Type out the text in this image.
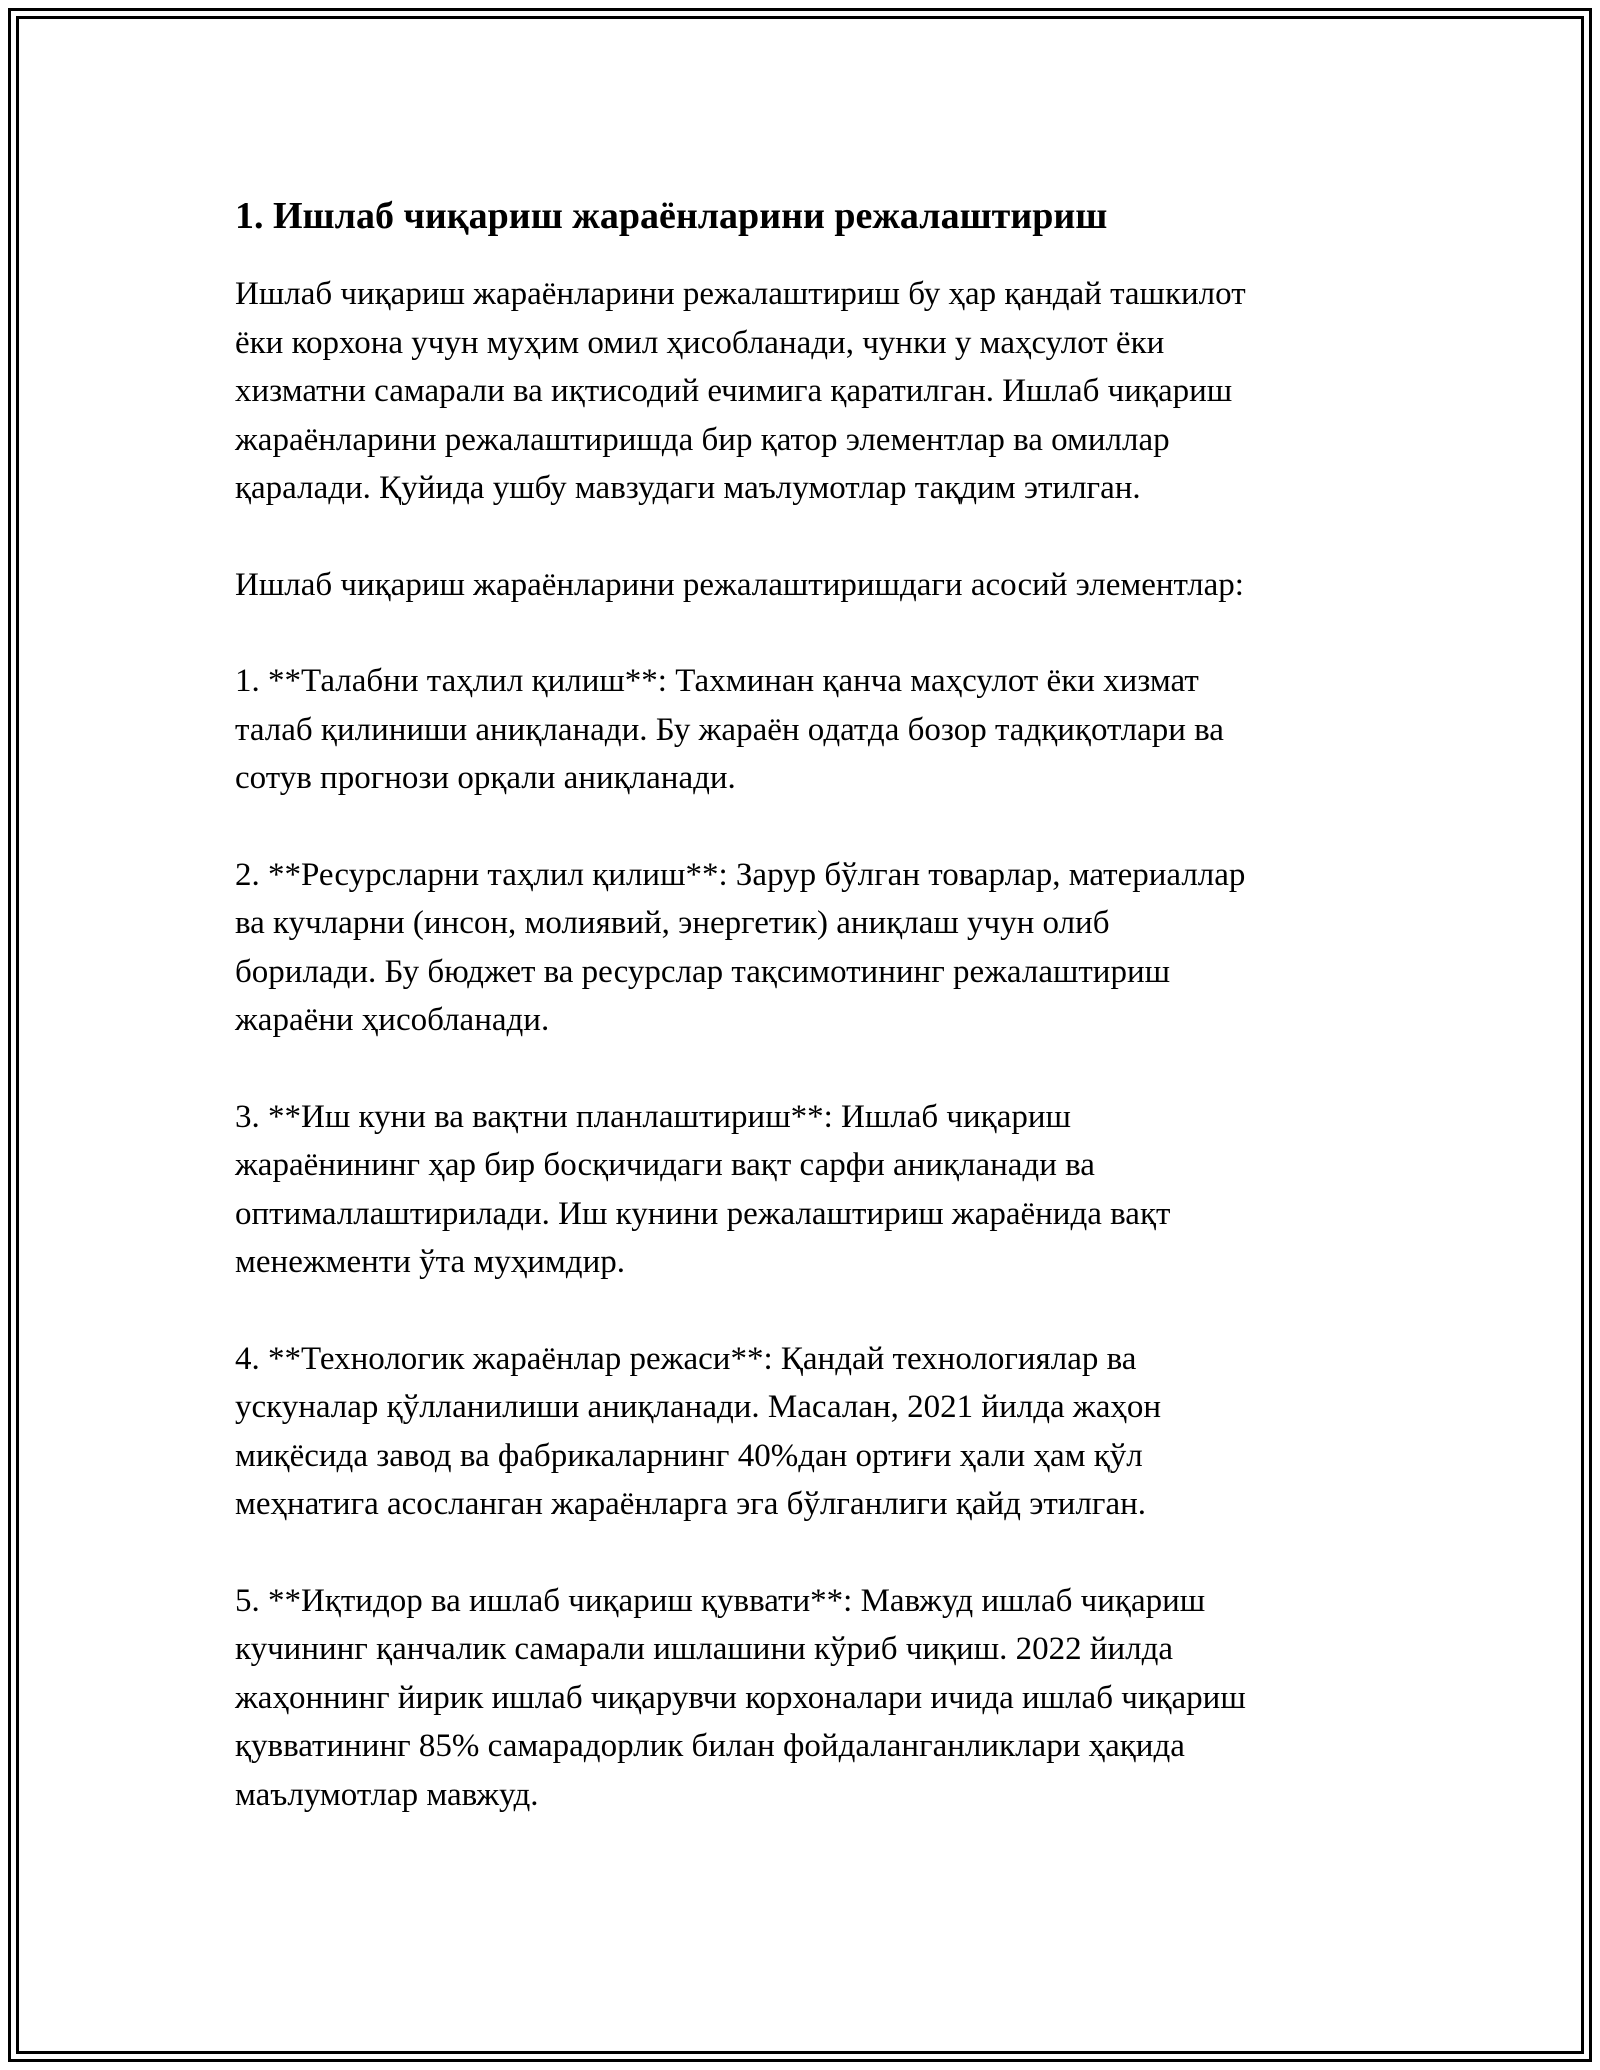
1. Ишлаб чиқариш жараёнларини режалаштириш

Ишлаб чиқариш жараёнларини режалаштириш бу ҳар қандай ташкилот
ёки корхона учун муҳим омил ҳисобланади, чунки у маҳсулот ёки
хизматни самарали ва иқтисодий ечимига қаратилган. Ишлаб чиқариш
жараёнларини режалаштиришда бир қатор элементлар ва омиллар
қаралади. Қуйида ушбу мавзудаги маълумотлар тақдим этилган.

Ишлаб чиқариш жараёнларини режалаштиришдаги асосий элементлар:

1. **Талабни таҳлил қилиш**: Тахминан қанча маҳсулот ёки хизмат
талаб қилиниши аниқланади. Бу жараён одатда бозор тадқиқотлари ва
сотув прогнози орқали аниқланади.

2. **Ресурсларни таҳлил қилиш**: Зарур бўлган товарлар, материаллар
ва кучларни (инсон, молиявий, энергетик) аниқлаш учун олиб
борилади. Бу бюджет ва ресурслар тақсимотининг режалаштириш
жараёни ҳисобланади.

3. **Иш куни ва вақтни планлаштириш**: Ишлаб чиқариш
жараёнининг ҳар бир босқичидаги вақт сарфи аниқланади ва
оптималлаштирилади. Иш кунини режалаштириш жараёнида вақт
менежменти ўта муҳимдир.

4. **Технологик жараёнлар режаси**: Қандай технологиялар ва
ускуналар қўлланилиши аниқланади. Масалан, 2021 йилда жаҳон
миқёсида завод ва фабрикаларнинг 40%дан ортиғи ҳали ҳам қўл
меҳнатига асосланган жараёнларга эга бўлганлиги қайд этилган.

5. **Иқтидор ва ишлаб чиқариш қуввати**: Мавжуд ишлаб чиқариш
кучининг қанчалик самарали ишлашини кўриб чиқиш. 2022 йилда
жаҳоннинг йирик ишлаб чиқарувчи корхоналари ичида ишлаб чиқариш
қувватининг 85% самарадорлик билан фойдаланганликлари ҳақида
маълумотлар мавжуд.
